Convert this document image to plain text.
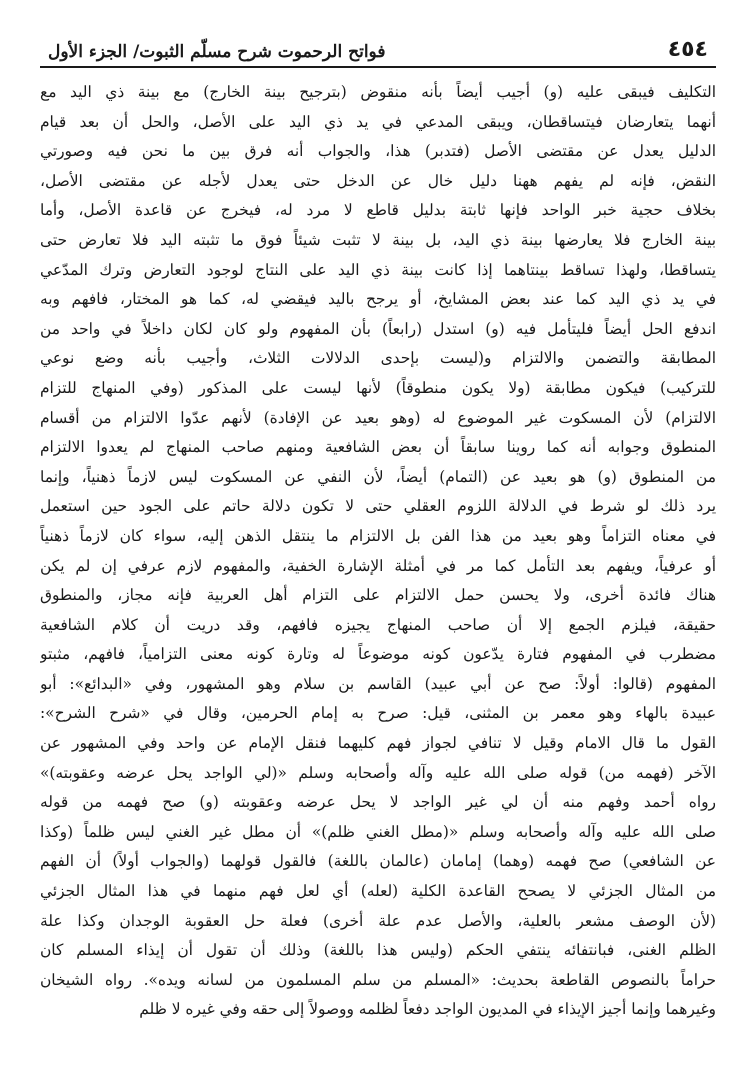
٤٥٤
فواتح الرحموت شرح مسلّم الثبوت/ الجزء الأول
التكليف فيبقى عليه (و) أجيب أيضاً بأنه منقوض (بترجيح بينة الخارج) مع بينة ذي اليد مع
أنهما يتعارضان فيتساقطان، ويبقى المدعي في يد ذي اليد على الأصل، والحل أن بعد قيام
الدليل يعدل عن مقتضى الأصل (فتدبر) هذا، والجواب أنه فرق بين ما نحن فيه وصورتي
النقض، فإنه لم يفهم ههنا دليل خال عن الدخل حتى يعدل لأجله عن مقتضى الأصل،
بخلاف حجية خبر الواحد فإنها ثابتة بدليل قاطع لا مرد له، فيخرج عن قاعدة الأصل، وأما
بينة الخارج فلا يعارضها بينة ذي اليد، بل بينة لا تثبت شيئاً فوق ما تثبته اليد فلا تعارض حتى
يتساقطا، ولهذا تساقط بينتاهما إذا كانت بينة ذي اليد على النتاج لوجود التعارض وترك المدّعي
في يد ذي اليد كما عند بعض المشايخ، أو يرجح باليد فيقضي له، كما هو المختار، فافهم وبه
اندفع الحل أيضاً فليتأمل فيه (و) استدل (رابعاً) بأن المفهوم ولو كان لكان داخلاً في واحد من
المطابقة والتضمن والالتزام و(ليست بإحدى الدلالات الثلاث، وأجيب بأنه وضع نوعي
للتركيب) فيكون مطابقة (ولا يكون منطوقاً) لأنها ليست على المذكور (وفي المنهاج للتزام
الالتزام) لأن المسكوت غير الموضوع له (وهو بعيد عن الإفادة) لأنهم عدّوا الالتزام من أقسام
المنطوق وجوابه أنه كما روينا سابقاً أن بعض الشافعية ومنهم صاحب المنهاج لم يعدوا الالتزام
من المنطوق (و) هو بعيد عن (التمام) أيضاً، لأن النفي عن المسكوت ليس لازماً ذهنياً، وإنما
يرد ذلك لو شرط في الدلالة اللزوم العقلي حتى لا تكون دلالة حاتم على الجود حين استعمل
في معناه التزاماً وهو بعيد من هذا الفن بل الالتزام ما ينتقل الذهن إليه، سواء كان لازماً ذهنياً
أو عرفياً، ويفهم بعد التأمل كما مر في أمثلة الإشارة الخفية، والمفهوم لازم عرفي إن لم يكن
هناك فائدة أخرى، ولا يحسن حمل الالتزام على التزام أهل العربية فإنه مجاز، والمنطوق
حقيقة، فيلزم الجمع إلا أن صاحب المنهاج يجيزه فافهم، وقد دريت أن كلام الشافعية
مضطرب في المفهوم فتارة يدّعون كونه موضوعاً له وتارة كونه معنى التزامياً، فافهم، مثبتو
المفهوم (قالوا: أولاً: صح عن أبي عبيد) القاسم بن سلام وهو المشهور، وفي «البدائع»: أبو
عبيدة بالهاء وهو معمر بن المثنى، قيل: صرح به إمام الحرمين، وقال في «شرح الشرح»:
القول ما قال الامام وقيل لا تنافي لجواز فهم كليهما فنقل الإمام عن واحد وفي المشهور عن
الآخر (فهمه من) قوله صلى الله عليه وآله وأصحابه وسلم «(لي الواجد يحل عرضه وعقوبته)»
رواه أحمد وفهم منه أن لي غير الواجد لا يحل عرضه وعقوبته (و) صح فهمه من قوله
صلى الله عليه وآله وأصحابه وسلم «(مطل الغني ظلم)» أن مطل غير الغني ليس ظلماً (وكذا
عن الشافعي) صح فهمه (وهما) إمامان (عالمان باللغة) فالقول قولهما (والجواب أولاً) أن الفهم
من المثال الجزئي لا يصحح القاعدة الكلية (لعله) أي لعل فهم منهما في هذا المثال الجزئي
(لأن الوصف مشعر بالعلية، والأصل عدم علة أخرى) فعلة حل العقوبة الوجدان وكذا علة
الظلم الغنى، فبانتفائه ينتفي الحكم (وليس هذا باللغة) وذلك أن تقول أن إيذاء المسلم كان
حراماً بالنصوص القاطعة بحديث: «المسلم من سلم المسلمون من لسانه ويده». رواه الشيخان
وغيرهما وإنما أجيز الإيذاء في المديون الواجد دفعاً لظلمه ووصولاً إلى حقه وفي غيره لا ظلم
